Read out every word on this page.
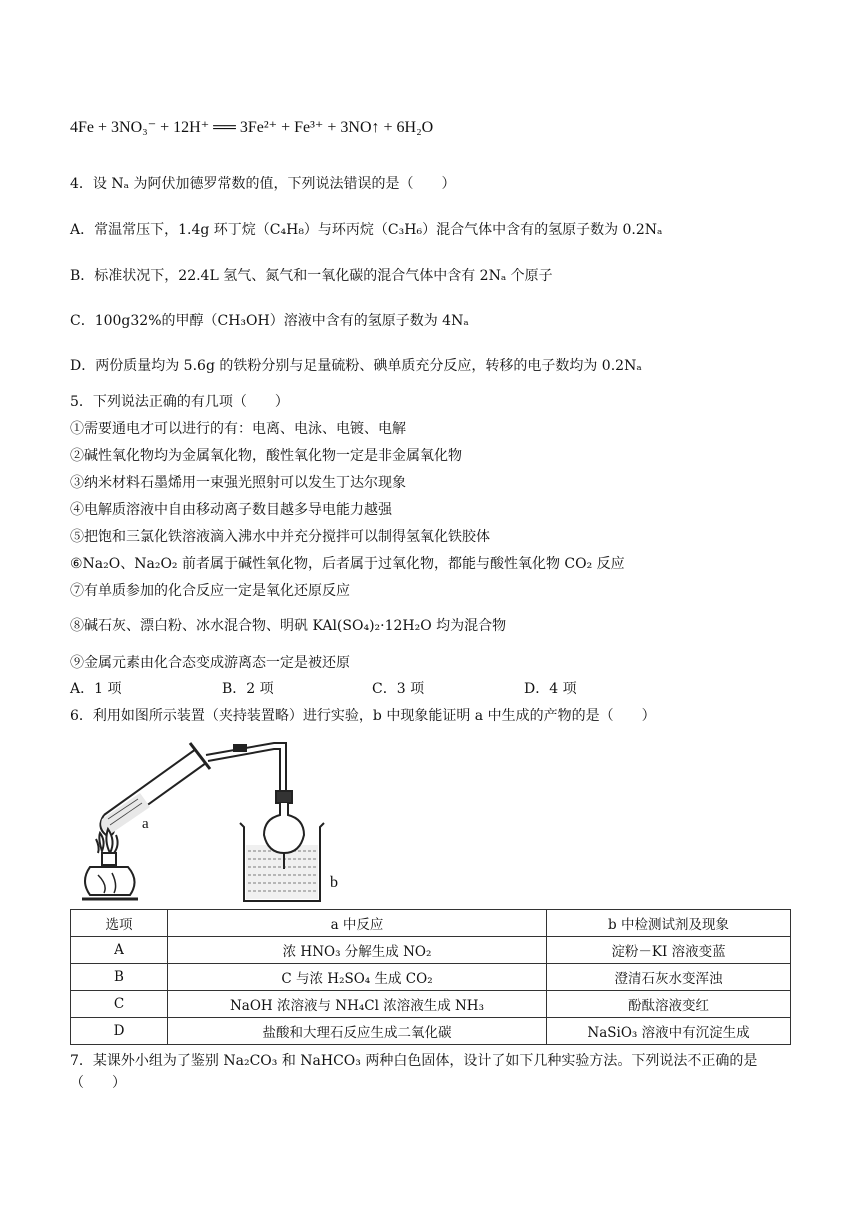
4Fe + 3NO₃⁻ + 12H⁺ ══ 3Fe²⁺ + Fe³⁺ + 3NO↑ + 6H₂O
4．设 Nₐ 为阿伏加德罗常数的值，下列说法错误的是（　　）
A．常温常压下，1.4g 环丁烷（C₄H₈）与环丙烷（C₃H₆）混合气体中含有的氢原子数为 0.2Nₐ
B．标准状况下，22.4L 氢气、氮气和一氧化碳的混合气体中含有 2Nₐ 个原子
C．100g32%的甲醇（CH₃OH）溶液中含有的氢原子数为 4Nₐ
D．两份质量均为 5.6g 的铁粉分别与足量硫粉、碘单质充分反应，转移的电子数均为 0.2Nₐ
5．下列说法正确的有几项（　　）
①需要通电才可以进行的有：电离、电泳、电镀、电解
②碱性氧化物均为金属氧化物，酸性氧化物一定是非金属氧化物
③纳米材料石墨烯用一束强光照射可以发生丁达尔现象
④电解质溶液中自由移动离子数目越多导电能力越强
⑤把饱和三氯化铁溶液滴入沸水中并充分搅拌可以制得氢氧化铁胶体
⑥Na₂O、Na₂O₂ 前者属于碱性氧化物，后者属于过氧化物，都能与酸性氧化物 CO₂ 反应
⑦有单质参加的化合反应一定是氧化还原反应
⑧碱石灰、漂白粉、冰水混合物、明矾 KAl(SO₄)₂·12H₂O 均为混合物
⑨金属元素由化合态变成游离态一定是被还原
A．1 项	B．2 项	C．3 项	D．4 项
6．利用如图所示装置（夹持装置略）进行实验，b 中现象能证明 a 中生成的产物的是（　　）
a
b
选项	a 中反应	b 中检测试剂及现象
A	浓 HNO₃ 分解生成 NO₂	淀粉－KI 溶液变蓝
B	C 与浓 H₂SO₄ 生成 CO₂	澄清石灰水变浑浊
C	NaOH 浓溶液与 NH₄Cl 浓溶液生成 NH₃	酚酞溶液变红
D	盐酸和大理石反应生成二氧化碳	NaSiO₃ 溶液中有沉淀生成
7．某课外小组为了鉴别 Na₂CO₃ 和 NaHCO₃ 两种白色固体，设计了如下几种实验方法。下列说法不正确的是（　　）
